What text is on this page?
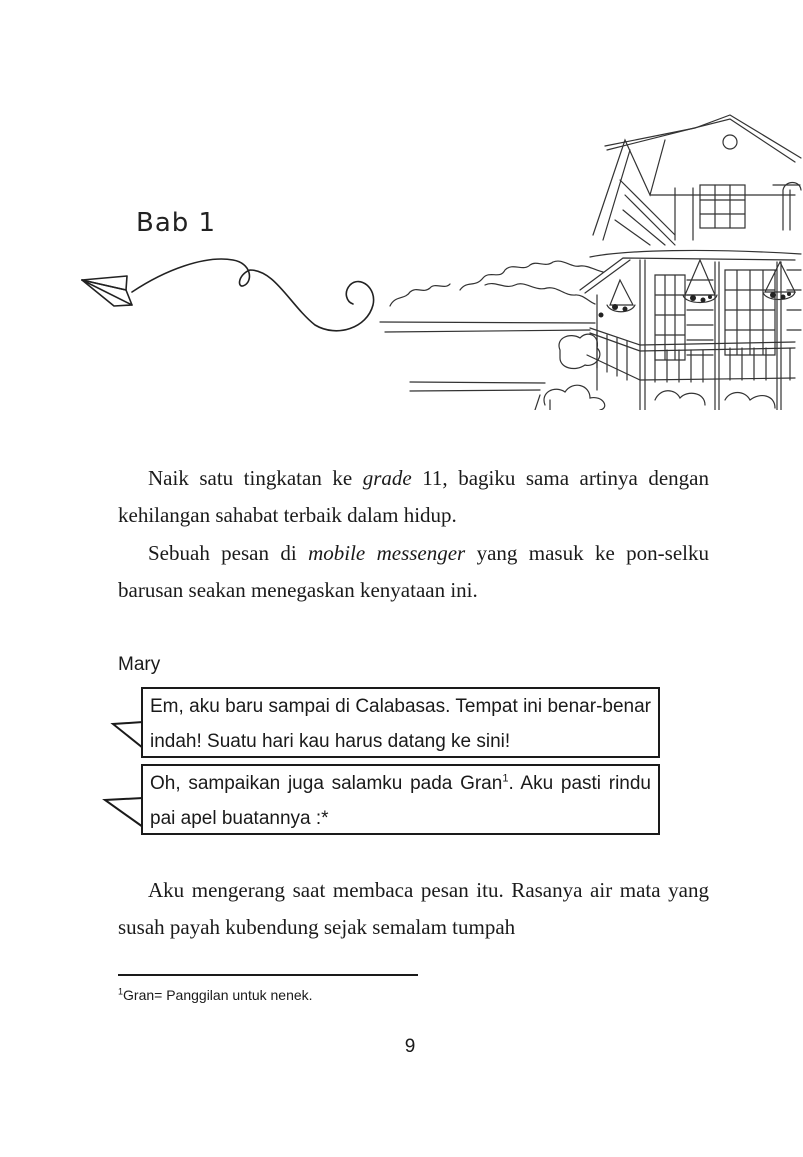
Bab 1
Naik satu tingkatan ke grade 11, bagiku sama artinya dengan kehilangan sahabat terbaik dalam hidup.
Sebuah pesan di mobile messenger yang masuk ke pon-selku barusan seakan menegaskan kenyataan ini.
Mary
Em, aku baru sampai di Calabasas. Tempat ini benar-benar indah! Suatu hari kau harus datang ke sini!
Oh, sampaikan juga salamku pada Gran$^1$. Aku pasti rindu pai apel buatannya :*
Aku mengerang saat membaca pesan itu. Rasanya air mata yang susah payah kubendung sejak semalam tumpah
$^1$Gran= Panggilan untuk nenek.
9
